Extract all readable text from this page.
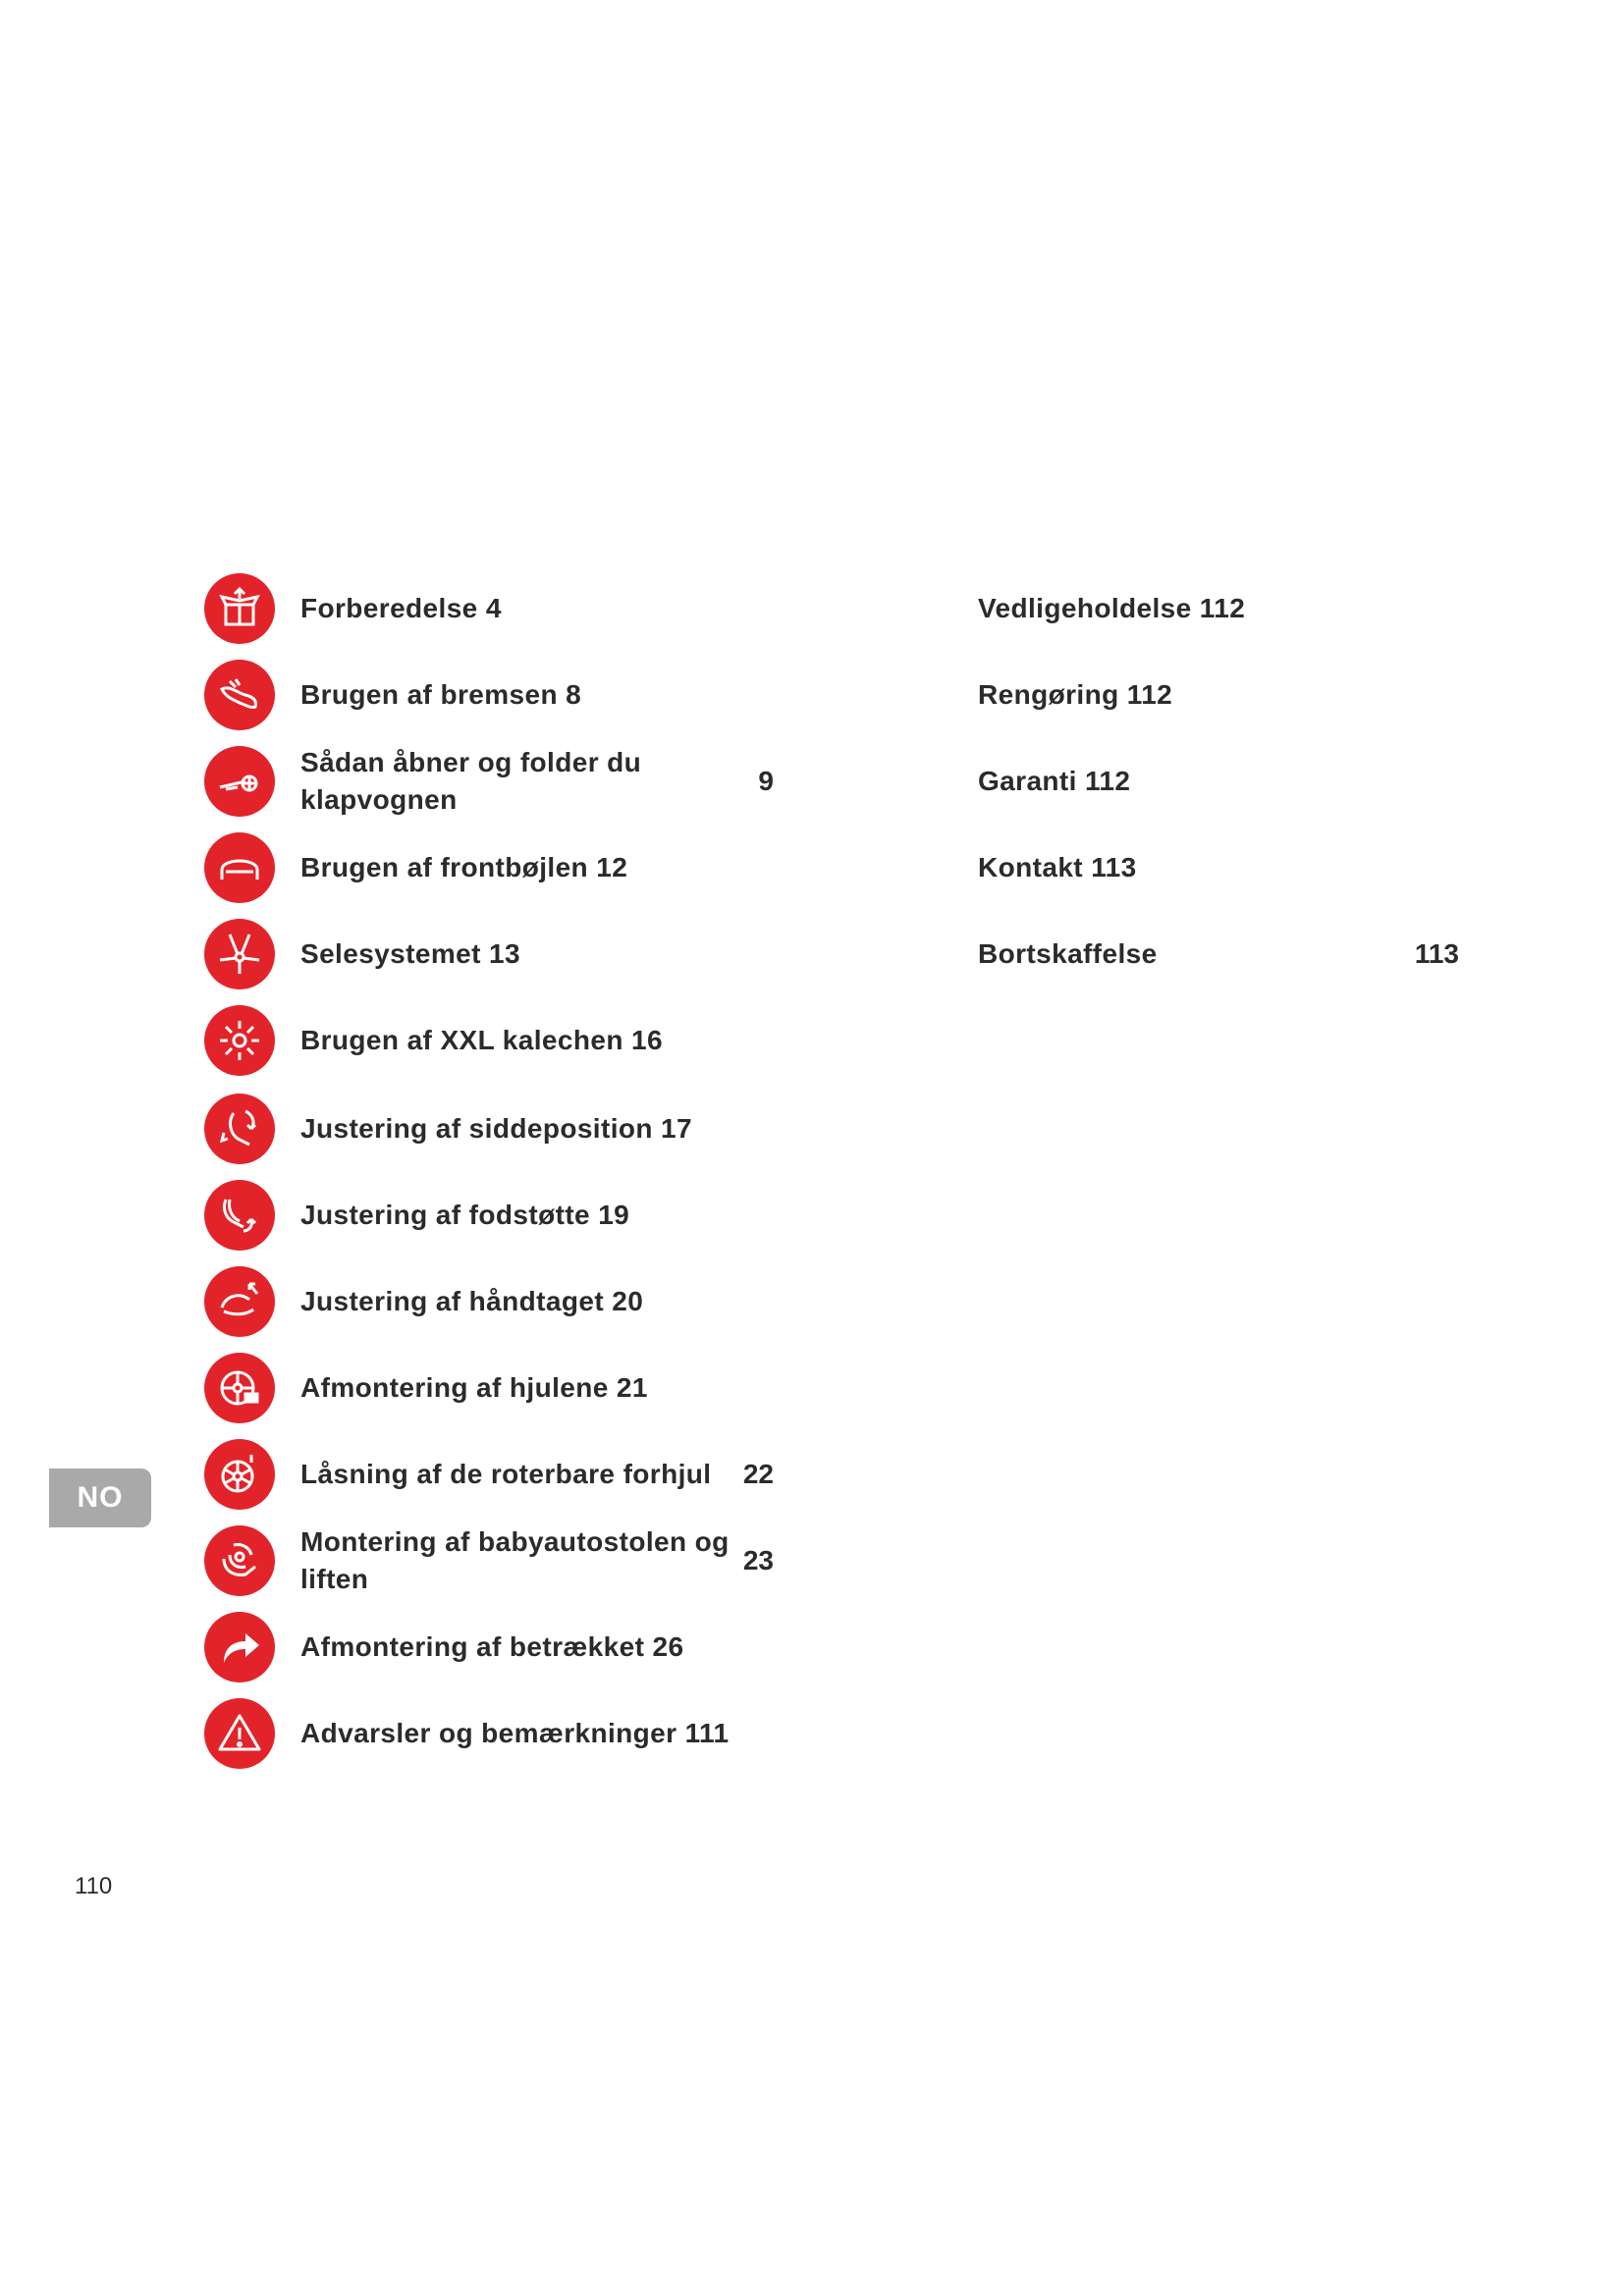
Forberedelse 4
Brugen af bremsen 8
Sådan åbner og folder du klapvognen
9
Brugen af frontbøjlen 12
Selesystemet 13
Brugen af XXL kalechen 16
Justering af siddeposition 17
Justering af fodstøtte 19
Justering af håndtaget 20
Afmontering af hjulene 21
Låsning af de roterbare forhjul	22
Montering af babyautostolen og liften
23
Afmontering af betrækket 26
Advarsler og bemærkninger 111
Vedligeholdelse 112
Rengøring 112
Garanti 112
Kontakt 113
Bortskaffelse	113
NO
110
